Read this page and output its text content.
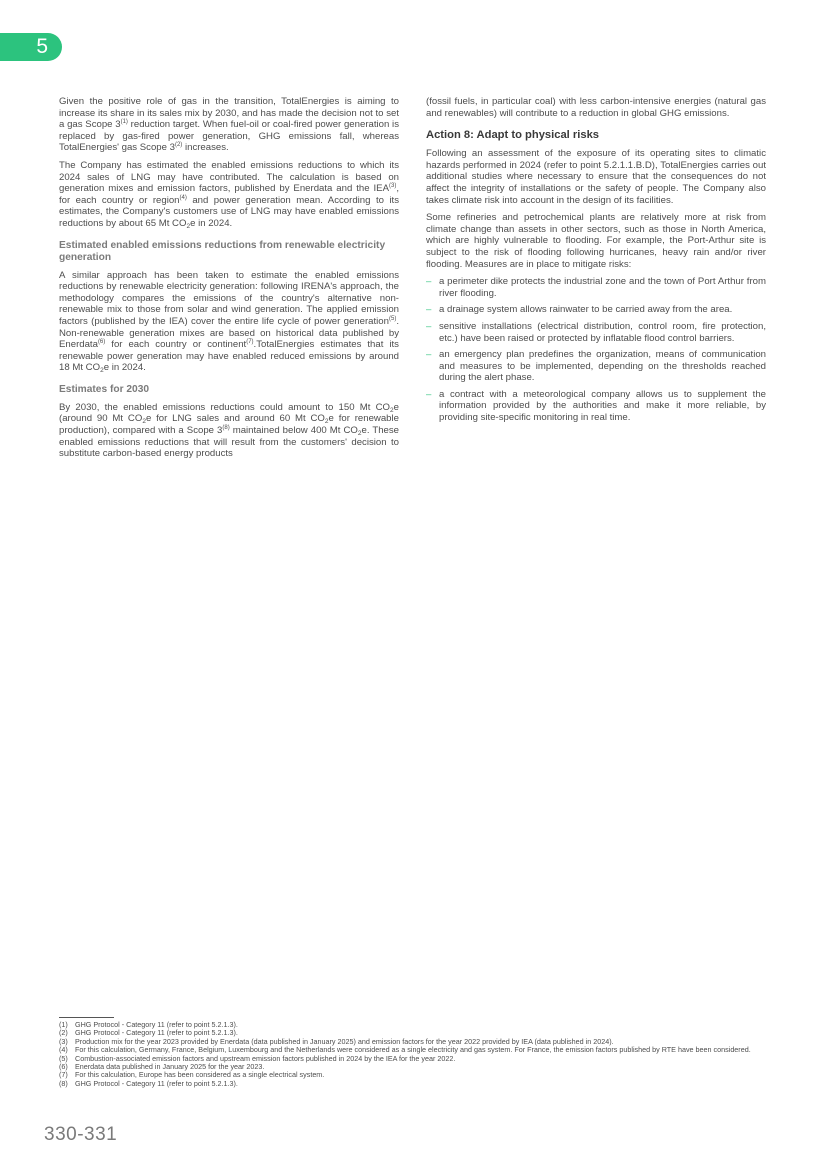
5

Given the positive role of gas in the transition, TotalEnergies is aiming to increase its share in its sales mix by 2030, and has made the decision not to set a gas Scope 3$^{(1)}$ reduction target. When fuel-oil or coal-fired power generation is replaced by gas-fired power generation, GHG emissions fall, whereas TotalEnergies' gas Scope 3$^{(2)}$ increases.

The Company has estimated the enabled emissions reductions to which its 2024 sales of LNG may have contributed. The calculation is based on generation mixes and emission factors, published by Enerdata and the IEA$^{(3)}$, for each country or region$^{(4)}$ and power generation mean. According to its estimates, the Company's customers use of LNG may have enabled emissions reductions by about 65 Mt $CO_2e$ in 2024.

Estimated enabled emissions reductions from renewable electricity generation

A similar approach has been taken to estimate the enabled emissions reductions by renewable electricity generation: following IRENA's approach, the methodology compares the emissions of the country's alternative non-renewable mix to those from solar and wind generation. The applied emission factors (published by the IEA) cover the entire life cycle of power generation$^{(5)}$. Non-renewable generation mixes are based on historical data published by Enerdata$^{(6)}$ for each country or continent$^{(7)}$.TotalEnergies estimates that its renewable power generation may have enabled reduced emissions by around 18 Mt $CO_2e$ in 2024.

Estimates for 2030

By 2030, the enabled emissions reductions could amount to 150 Mt $CO_2e$ (around 90 Mt $CO_2e$ for LNG sales and around 60 Mt $CO_2e$ for renewable production), compared with a Scope 3$^{(8)}$ maintained below 400 Mt $CO_2e$. These enabled emissions reductions that will result from the customers' decision to substitute carbon-based energy products

(fossil fuels, in particular coal) with less carbon-intensive energies (natural gas and renewables) will contribute to a reduction in global GHG emissions.

Action 8: Adapt to physical risks

Following an assessment of the exposure of its operating sites to climatic hazards performed in 2024 (refer to point 5.2.1.1.B.D), TotalEnergies carries out additional studies where necessary to ensure that the consequences do not affect the integrity of installations or the safety of people. The Company also takes climate risk into account in the design of its facilities.

Some refineries and petrochemical plants are relatively more at risk from climate change than assets in other sectors, such as those in North America, which are highly vulnerable to flooding. For example, the Port-Arthur site is subject to the risk of flooding following hurricanes, heavy rain and/or river flooding. Measures are in place to mitigate risks:

– a perimeter dike protects the industrial zone and the town of Port Arthur from river flooding.
– a drainage system allows rainwater to be carried away from the area.
– sensitive installations (electrical distribution, control room, fire protection, etc.) have been raised or protected by inflatable flood control barriers.
– an emergency plan predefines the organization, means of communication and measures to be implemented, depending on the thresholds reached during the alert phase.
– a contract with a meteorological company allows us to supplement the information provided by the authorities and make it more reliable, by providing site-specific monitoring in real time.
(1)	GHG Protocol - Category 11 (refer to point 5.2.1.3).
(2)	GHG Protocol - Category 11 (refer to point 5.2.1.3).
(3)	Production mix for the year 2023 provided by Enerdata (data published in January 2025) and emission factors for the year 2022 provided by IEA (data published in 2024).
(4)	For this calculation, Germany, France, Belgium, Luxembourg and the Netherlands were considered as a single electricity and gas system. For France, the emission factors published by RTE have been considered.
(5)	Combustion-associated emission factors and upstream emission factors published in 2024 by the IEA for the year 2022.
(6)	Enerdata data published in January 2025 for the year 2023.
(7)	For this calculation, Europe has been considered as a single electrical system.
(8)	GHG Protocol - Category 11 (refer to point 5.2.1.3).
330-331
